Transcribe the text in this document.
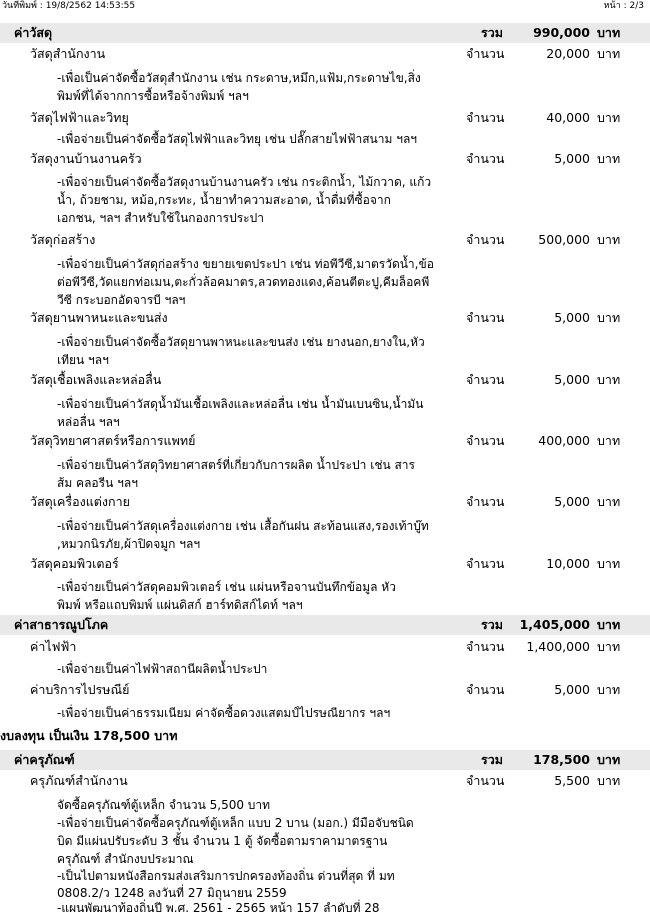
วันที่พิมพ์ : 19/8/2562 14:53:55	หน้า : 2/3
ค่าวัสดุ	รวม 990,000 บาท
วัสดุสำนักงาน	จำนวน	20,000 บาท
-เพื่อเป็นค่าจัดซื้อวัสดุสำนักงาน เช่น กระดาษ,หมึก,แฟ้ม,กระดาษไข,สิ่ง
พิมพ์ที่ได้จากการซื้อหรือจ้างพิมพ์ ฯลฯ
วัสดุไฟฟ้าและวิทยุ	จำนวน	40,000 บาท
-เพื่อจ่ายเป็นค่าจัดซื้อวัสดุไฟฟ้าและวิทยุ เช่น ปลั๊กสายไฟฟ้าสนาม ฯลฯ
วัสดุงานบ้านงานครัว	จำนวน	5,000 บาท
-เพื่อจ่ายเป็นค่าจัดซื้อวัสดุงานบ้านงานครัว เช่น กระติกน้ำ, ไม้กวาด, แก้ว
น้ำ, ถ้วยชาม, หม้อ,กระทะ, น้ำยาทำความสะอาด, น้ำดื่มที่ซื้อจาก
เอกชน, ฯลฯ สำหรับใช้ในกองการประปา
วัสดุก่อสร้าง	จำนวน	500,000 บาท
-เพื่อจ่ายเป็นค่าวัสดุก่อสร้าง ขยายเขตประปา เช่น ท่อพีวีซี,มาตรวัดน้ำ,ข้อ
ต่อพีวีซี,วัดแยกท่อเมน,ตะกั่วล้อคมาตร,ลวดทองแดง,ค้อนตีตะปู,คีมล็อคพี
วีซี กระบอกอัดจารบี ฯลฯ
วัสดุยานพาหนะและขนส่ง	จำนวน	5,000 บาท
-เพื่อจ่ายเป็นค่าจัดซื้อวัสดุยานพาหนะและขนส่ง เช่น ยางนอก,ยางใน,หัว
เทียน ฯลฯ
วัสดุเชื้อเพลิงและหล่อลื่น	จำนวน	5,000 บาท
-เพื่อจ่ายเป็นค่าวัสดุน้ำมันเชื้อเพลิงและหล่อลื่น เช่น น้ำมันเบนซิน,น้ำมัน
หล่อลื่น ฯลฯ
วัสดุวิทยาศาสตร์หรือการแพทย์	จำนวน	400,000 บาท
-เพื่อจ่ายเป็นค่าวัสดุวิทยาศาสตร์ที่เกี่ยวกับการผลิต น้ำประปา เช่น สาร
ส้ม คลอรีน ฯลฯ
วัสดุเครื่องแต่งกาย	จำนวน	5,000 บาท
-เพื่อจ่ายเป็นค่าวัสดุเครื่องแต่งกาย เช่น เสื้อกันฝน สะท้อนแสง,รองเท้าบู๊ท
,หมวกนิรภัย,ผ้าปิดจมูก ฯลฯ
วัสดุคอมพิวเตอร์	จำนวน	10,000 บาท
-เพื่อจ่ายเป็นค่าวัสดุคอมพิวเตอร์ เช่น แผ่นหรือจานบันทึกข้อมูล หัว
พิมพ์ หรือแถบพิมพ์ แผ่นดิสก์ ฮาร์ทดิสก์ไดท์ ฯลฯ
ค่าสาธารณูปโภค	รวม 1,405,000 บาท
ค่าไฟฟ้า	จำนวน 1,400,000 บาท
-เพื่อจ่ายเป็นค่าไฟฟ้าสถานีผลิตน้ำประปา
ค่าบริการไปรษณีย์	จำนวน	5,000 บาท
-เพื่อจ่ายเป็นค่าธรรมเนียม ค่าจัดซื้อดวงแสตมป์ไปรษณียากร ฯลฯ
งบลงทุน เป็นเงิน 178,500 บาท
ค่าครุภัณฑ์	รวม 178,500 บาท
ครุภัณฑ์สำนักงาน	จำนวน	5,500 บาท
จัดซื้อครุภัณฑ์ตู้เหล็ก จำนวน 5,500 บาท
-เพื่อจ่ายเป็นค่าจัดซื้อครุภัณฑ์ตู้เหล็ก แบบ 2 บาน (มอก.) มีมือจับชนิด
บิด มีแผ่นปรับระดับ 3 ชั้น จำนวน 1 ตู้ จัดซื้อตามราคามาตรฐาน
ครุภัณฑ์ สำนักงบประมาณ
-เป็นไปตามหนังสือกรมส่งเสริมการปกครองท้องถิ่น ด่วนที่สุด ที่ มท
0808.2/ว 1248 ลงวันที่ 27 มิถุนายน 2559
-แผนพัฒนาท้องถิ่นปี พ.ศ. 2561 - 2565 หน้า 157 ลำดับที่ 28
